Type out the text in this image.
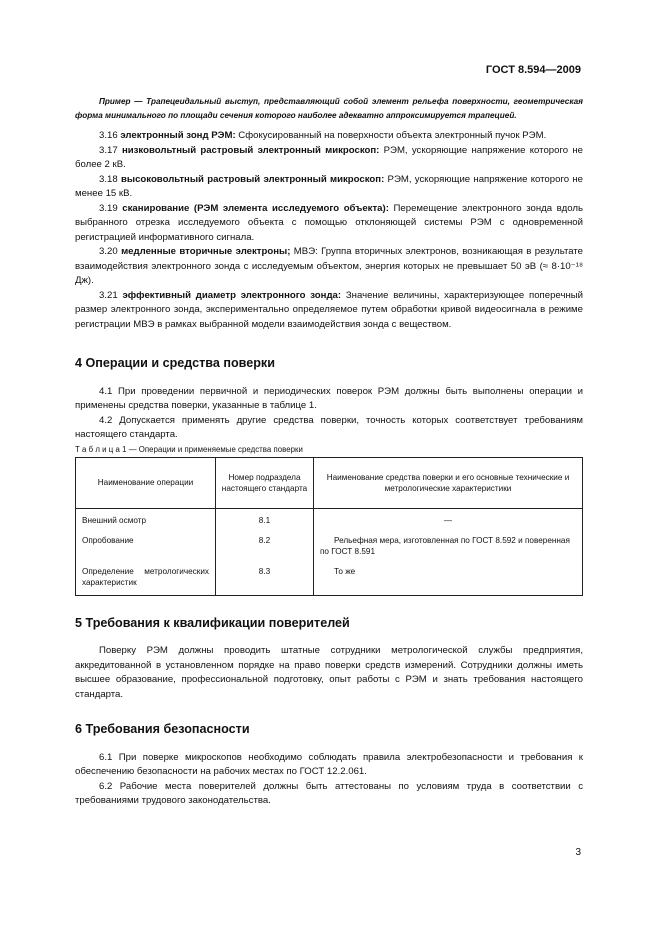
ГОСТ 8.594—2009

Пример — Трапецеидальный выступ, представляющий собой элемент рельефа поверхности, геометрическая форма минимального по площади сечения которого наиболее адекватно аппроксимируется трапецией.

3.16 электронный зонд РЭМ: Сфокусированный на поверхности объекта электронный пучок РЭМ.

3.17 низковольтный растровый электронный микроскоп: РЭМ, ускоряющие напряжение которого не более 2 кВ.

3.18 высоковольтный растровый электронный микроскоп: РЭМ, ускоряющие напряжение которого не менее 15 кВ.

3.19 сканирование (РЭМ элемента исследуемого объекта): Перемещение электронного зонда вдоль выбранного отрезка исследуемого объекта с помощью отклоняющей системы РЭМ с одновременной регистрацией информативного сигнала.

3.20 медленные вторичные электроны; МВЭ: Группа вторичных электронов, возникающая в результате взаимодействия электронного зонда с исследуемым объектом, энергия которых не превышает 50 эВ (≈ 8·10⁻¹⁸ Дж).

3.21 эффективный диаметр электронного зонда: Значение величины, характеризующее поперечный размер электронного зонда, экспериментально определяемое путем обработки кривой видеосигнала в режиме регистрации МВЭ в рамках выбранной модели взаимодействия зонда с веществом.

4 Операции и средства поверки

4.1 При проведении первичной и периодических поверок РЭМ должны быть выполнены операции и применены средства поверки, указанные в таблице 1.

4.2 Допускается применять другие средства поверки, точность которых соответствует требованиям настоящего стандарта.

Т а б л и ц а 1 — Операции и применяемые средства поверки

Наименование операции	Номер подраздела настоящего стандарта	Наименование средства поверки и его основные технические и метрологические характеристики
Внешний осмотр	8.1	—
Опробование	8.2	Рельефная мера, изготовленная по ГОСТ 8.592 и поверенная по ГОСТ 8.591
Определение метрологических характеристик	8.3	То же
5 Требования к квалификации поверителей

Поверку РЭМ должны проводить штатные сотрудники метрологической службы предприятия, аккредитованной в установленном порядке на право поверки средств измерений. Сотрудники должны иметь высшее образование, профессиональной подготовку, опыт работы с РЭМ и знать требования настоящего стандарта.

6 Требования безопасности

6.1 При поверке микроскопов необходимо соблюдать правила электробезопасности и требования к обеспечению безопасности на рабочих местах по ГОСТ 12.2.061.

6.2 Рабочие места поверителей должны быть аттестованы по условиям труда в соответствии с требованиями трудового законодательства.

3
